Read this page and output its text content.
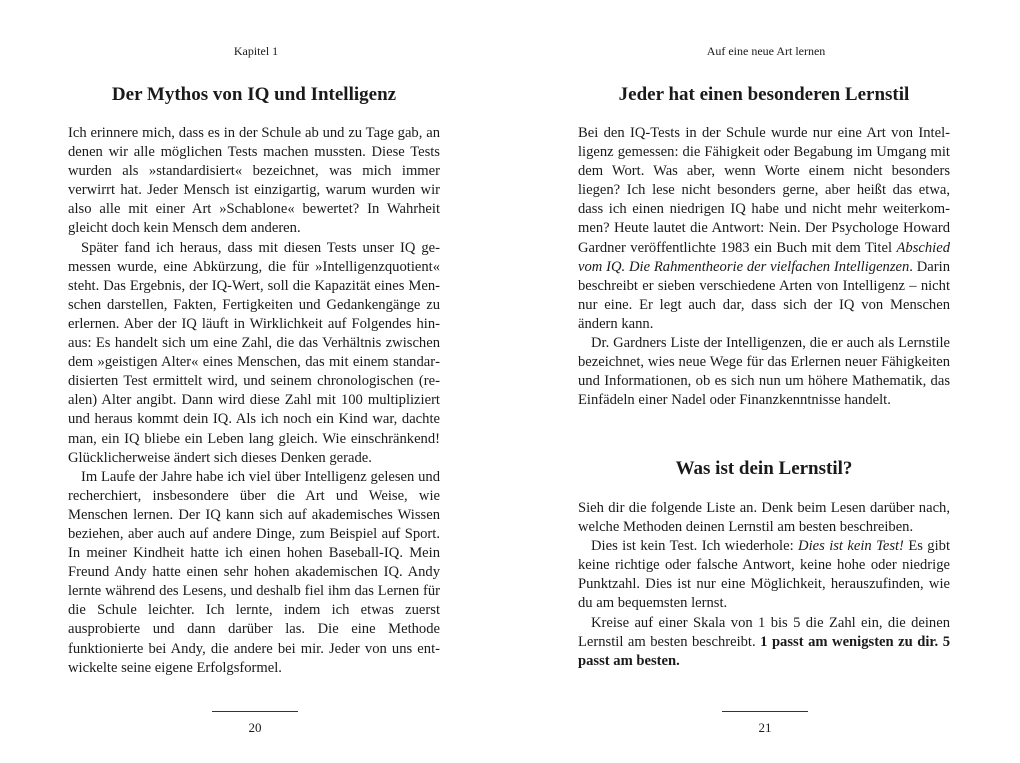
Kapitel 1
Der Mythos von IQ und Intelligenz

Ich erinnere mich, dass es in der Schule ab und zu Tage gab, an denen wir alle möglichen Tests machen mussten. Diese Tests wurden als »standardisiert« bezeichnet, was mich immer verwirrt hat. Jeder Mensch ist einzigartig, warum wurden wir also alle mit einer Art »Schablone« bewertet? In Wahrheit gleicht doch kein Mensch dem anderen.

Später fand ich heraus, dass mit diesen Tests unser IQ gemessen wurde, eine Abkürzung, die für »Intelligenzquotient« steht. Das Ergebnis, der IQ-Wert, soll die Kapazität eines Menschen darstellen, Fakten, Fertigkeiten und Gedankengänge zu erlernen. Aber der IQ läuft in Wirklichkeit auf Folgendes hinaus: Es handelt sich um eine Zahl, die das Verhältnis zwischen dem »geistigen Alter« eines Menschen, das mit einem standardisierten Test ermittelt wird, und seinem chronologischen (realen) Alter angibt. Dann wird diese Zahl mit 100 multipliziert und heraus kommt dein IQ. Als ich noch ein Kind war, dachte man, ein IQ bliebe ein Leben lang gleich. Wie einschränkend! Glücklicherweise ändert sich dieses Denken gerade.

Im Laufe der Jahre habe ich viel über Intelligenz gelesen und recherchiert, insbesondere über die Art und Weise, wie Menschen lernen. Der IQ kann sich auf akademisches Wissen beziehen, aber auch auf andere Dinge, zum Beispiel auf Sport. In meiner Kindheit hatte ich einen hohen Baseball-IQ. Mein Freund Andy hatte einen sehr hohen akademischen IQ. Andy lernte während des Lesens, und deshalb fiel ihm das Lernen für die Schule leichter. Ich lernte, indem ich etwas zuerst ausprobierte und dann darüber las. Die eine Methode funktionierte bei Andy, die andere bei mir. Jeder von uns entwickelte seine eigene Erfolgsformel.

20
Auf eine neue Art lernen
Jeder hat einen besonderen Lernstil

Bei den IQ-Tests in der Schule wurde nur eine Art von Intelligenz gemessen: die Fähigkeit oder Begabung im Umgang mit dem Wort. Was aber, wenn Worte einem nicht besonders liegen? Ich lese nicht besonders gerne, aber heißt das etwa, dass ich einen niedrigen IQ habe und nicht mehr weiterkommen? Heute lautet die Antwort: Nein. Der Psychologe Howard Gardner veröffentlichte 1983 ein Buch mit dem Titel Abschied vom IQ. Die Rahmentheorie der vielfachen Intelligenzen. Darin beschreibt er sieben verschiedene Arten von Intelligenz – nicht nur eine. Er legt auch dar, dass sich der IQ von Menschen ändern kann.

Dr. Gardners Liste der Intelligenzen, die er auch als Lernstile bezeichnet, wies neue Wege für das Erlernen neuer Fähigkeiten und Informationen, ob es sich nun um höhere Mathematik, das Einfädeln einer Nadel oder Finanzkenntnisse handelt.

Was ist dein Lernstil?

Sieh dir die folgende Liste an. Denk beim Lesen darüber nach, welche Methoden deinen Lernstil am besten beschreiben.

Dies ist kein Test. Ich wiederhole: Dies ist kein Test! Es gibt keine richtige oder falsche Antwort, keine hohe oder niedrige Punktzahl. Dies ist nur eine Möglichkeit, herauszufinden, wie du am bequemsten lernst.

Kreise auf einer Skala von 1 bis 5 die Zahl ein, die deinen Lernstil am besten beschreibt. 1 passt am wenigsten zu dir. 5 passt am besten.

21
